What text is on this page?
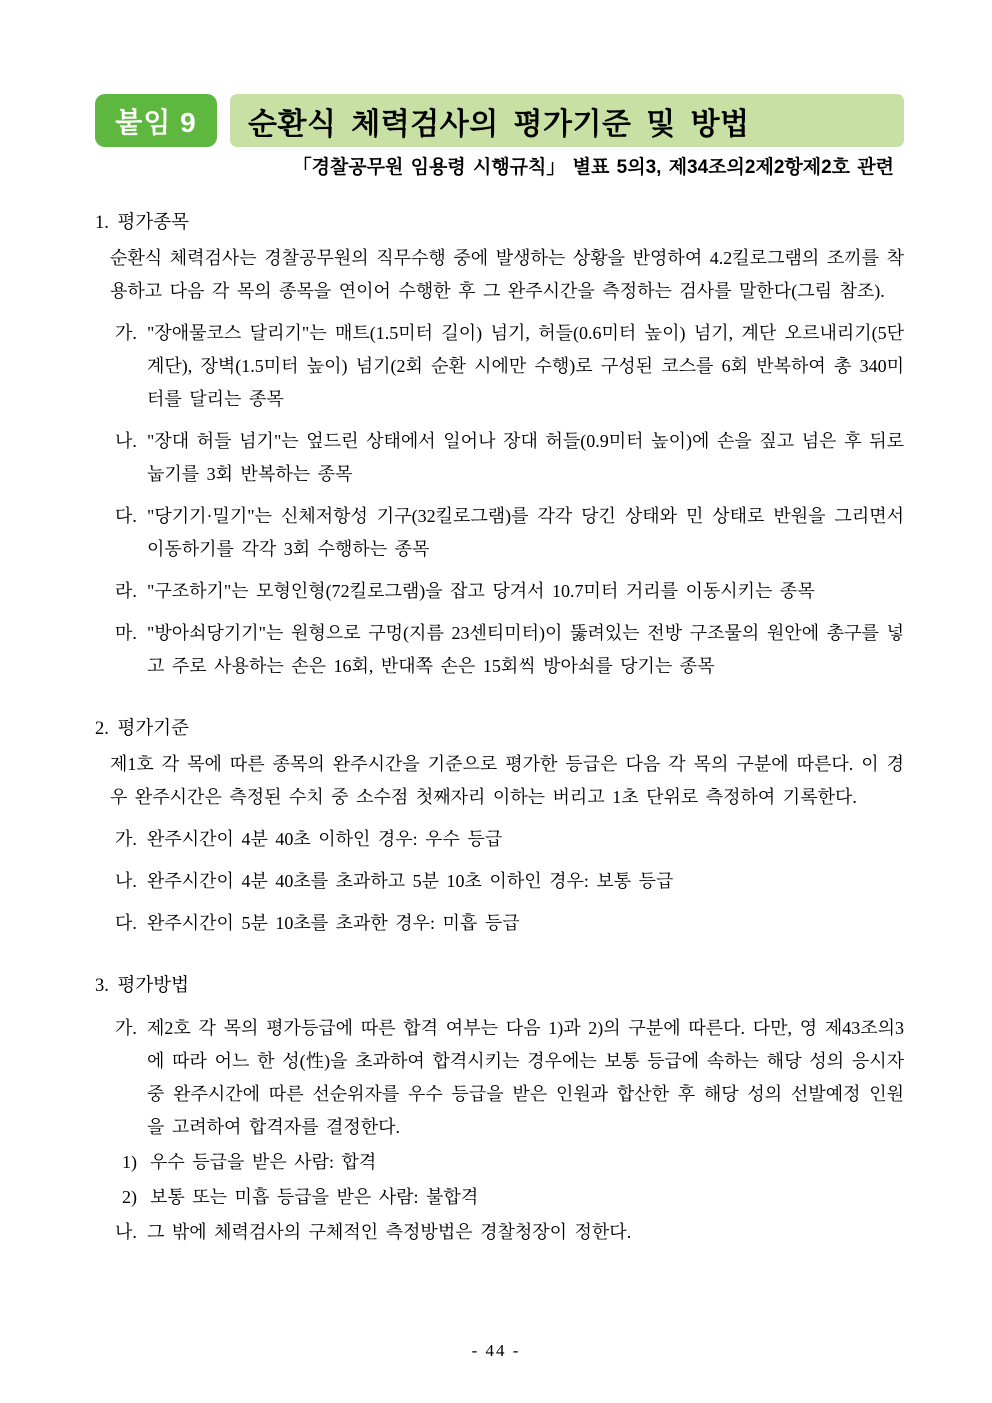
붙임 9	순환식 체력검사의 평가기준 및 방법
「경찰공무원 임용령 시행규칙」 별표 5의3, 제34조의2제2항제2호 관련
1. 평가종목

순환식 체력검사는 경찰공무원의 직무수행 중에 발생하는 상황을 반영하여 4.2킬로그램의 조끼를 착용하고 다음 각 목의 종목을 연이어 수행한 후 그 완주시간을 측정하는 검사를 말한다(그림 참조).

가. "장애물코스 달리기"는 매트(1.5미터 길이) 넘기, 허들(0.6미터 높이) 넘기, 계단 오르내리기(5단 계단), 장벽(1.5미터 높이) 넘기(2회 순환 시에만 수행)로 구성된 코스를 6회 반복하여 총 340미터를 달리는 종목
나. "장대 허들 넘기"는 엎드린 상태에서 일어나 장대 허들(0.9미터 높이)에 손을 짚고 넘은 후 뒤로 눕기를 3회 반복하는 종목
다. "당기기·밀기"는 신체저항성 기구(32킬로그램)를 각각 당긴 상태와 민 상태로 반원을 그리면서 이동하기를 각각 3회 수행하는 종목
라. "구조하기"는 모형인형(72킬로그램)을 잡고 당겨서 10.7미터 거리를 이동시키는 종목
마. "방아쇠당기기"는 원형으로 구멍(지름 23센티미터)이 뚫려있는 전방 구조물의 원안에 총구를 넣고 주로 사용하는 손은 16회, 반대쪽 손은 15회씩 방아쇠를 당기는 종목
2. 평가기준

제1호 각 목에 따른 종목의 완주시간을 기준으로 평가한 등급은 다음 각 목의 구분에 따른다. 이 경우 완주시간은 측정된 수치 중 소수점 첫째자리 이하는 버리고 1초 단위로 측정하여 기록한다.

가. 완주시간이 4분 40초 이하인 경우: 우수 등급
나. 완주시간이 4분 40초를 초과하고 5분 10초 이하인 경우: 보통 등급
다. 완주시간이 5분 10초를 초과한 경우: 미흡 등급
3. 평가방법
가. 제2호 각 목의 평가등급에 따른 합격 여부는 다음 1)과 2)의 구분에 따른다. 다만, 영 제43조의3에 따라 어느 한 성(性)을 초과하여 합격시키는 경우에는 보통 등급에 속하는 해당 성의 응시자 중 완주시간에 따른 선순위자를 우수 등급을 받은 인원과 합산한 후 해당 성의 선발예정 인원을 고려하여 합격자를 결정한다.
1) 우수 등급을 받은 사람: 합격
2) 보통 또는 미흡 등급을 받은 사람: 불합격
나. 그 밖에 체력검사의 구체적인 측정방법은 경찰청장이 정한다.
- 44 -
